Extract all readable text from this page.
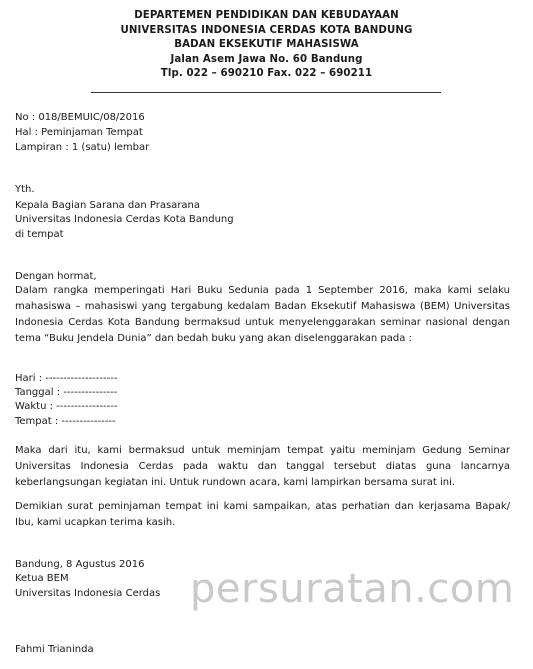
DEPARTEMEN PENDIDIKAN DAN KEBUDAYAAN
UNIVERSITAS INDONESIA CERDAS KOTA BANDUNG
BADAN EKSEKUTIF MAHASISWA
Jalan Asem Jawa No. 60 Bandung
Tlp. 022 – 690210 Fax. 022 – 690211
No : 018/BEMUIC/08/2016
Hal : Peminjaman Tempat
Lampiran : 1 (satu) lembar
Yth.
Kepala Bagian Sarana dan Prasarana
Universitas Indonesia Cerdas Kota Bandung
di tempat
Dengan hormat,
Dalam rangka memperingati Hari Buku Sedunia pada 1 September 2016, maka kami selaku mahasiswa – mahasiswi yang tergabung kedalam Badan Eksekutif Mahasiswa (BEM) Universitas Indonesia Cerdas Kota Bandung bermaksud untuk menyelenggarakan seminar nasional dengan tema “Buku Jendela Dunia” dan bedah buku yang akan diselenggarakan pada :
Hari : --------------------
Tanggal : ---------------
Waktu : -----------------
Tempat : ---------------
Maka dari itu, kami bermaksud untuk meminjam tempat yaitu meminjam Gedung Seminar Universitas Indonesia Cerdas pada waktu dan tanggal tersebut diatas guna lancarnya keberlangsungan kegiatan ini. Untuk rundown acara, kami lampirkan bersama surat ini.
Demikian surat peminjaman tempat ini kami sampaikan, atas perhatian dan kerjasama Bapak/ Ibu, kami ucapkan terima kasih.
Bandung, 8 Agustus 2016
Ketua BEM
Universitas Indonesia Cerdas
Fahmi Trianinda
persuratan.com
